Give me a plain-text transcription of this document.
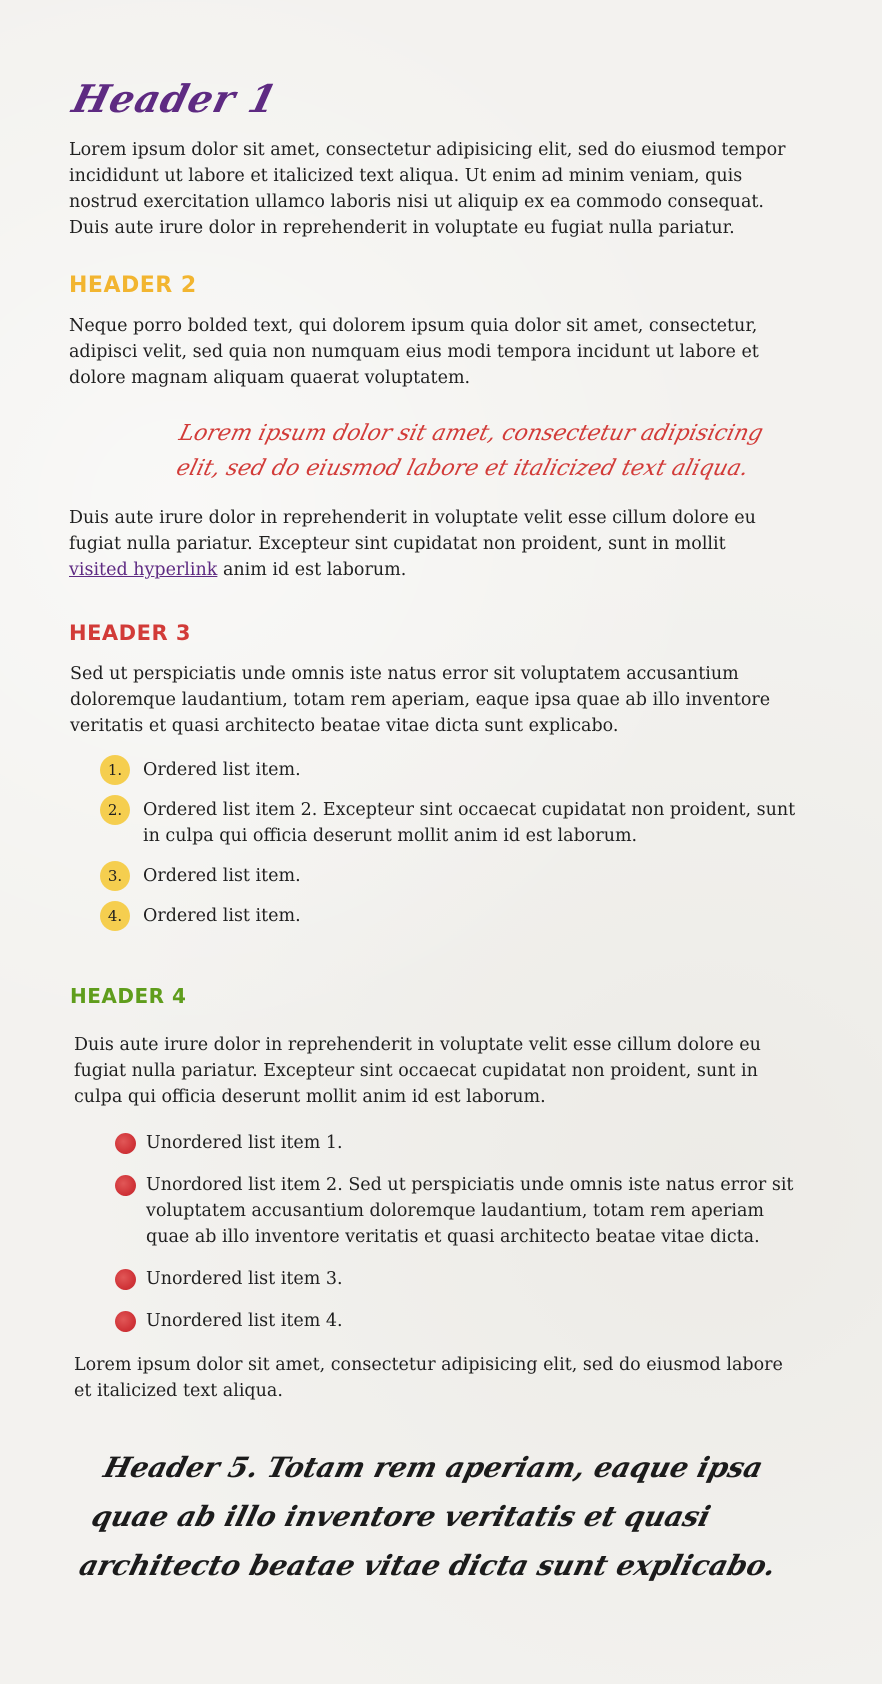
Header 1

Lorem ipsum dolor sit amet, consectetur adipisicing elit, sed do eiusmod tempor incididunt ut labore et italicized text aliqua. Ut enim ad minim veniam, quis nostrud exercitation ullamco laboris nisi ut aliquip ex ea commodo consequat. Duis aute irure dolor in reprehenderit in voluptate eu fugiat nulla pariatur.

HEADER 2

Neque porro bolded text, qui dolorem ipsum quia dolor sit amet, consectetur, adipisci velit, sed quia non numquam eius modi tempora incidunt ut labore et dolore magnam aliquam quaerat voluptatem.

Lorem ipsum dolor sit amet, consectetur adipisicing elit, sed do eiusmod labore et italicized text aliqua.

Duis aute irure dolor in reprehenderit in voluptate velit esse cillum dolore eu fugiat nulla pariatur. Excepteur sint cupidatat non proident, sunt in mollit visited hyperlink anim id est laborum.

HEADER 3

Sed ut perspiciatis unde omnis iste natus error sit voluptatem accusantium doloremque laudantium, totam rem aperiam, eaque ipsa quae ab illo inventore veritatis et quasi architecto beatae vitae dicta sunt explicabo.

1.	Ordered list item.
2.	Ordered list item 2. Excepteur sint occaecat cupidatat non proident, sunt in culpa qui officia deserunt mollit anim id est laborum.
3.	Ordered list item.
4.	Ordered list item.
HEADER 4

Duis aute irure dolor in reprehenderit in voluptate velit esse cillum dolore eu fugiat nulla pariatur. Excepteur sint occaecat cupidatat non proident, sunt in culpa qui officia deserunt mollit anim id est laborum.

Unordered list item 1.
Unordored list item 2. Sed ut perspiciatis unde omnis iste natus error sit voluptatem accusantium doloremque laudantium, totam rem aperiam quae ab illo inventore veritatis et quasi architecto beatae vitae dicta.
Unordered list item 3.
Unordered list item 4.

Lorem ipsum dolor sit amet, consectetur adipisicing elit, sed do eiusmod labore et italicized text aliqua.

Header 5. Totam rem aperiam, eaque ipsa quae ab illo inventore veritatis et quasi architecto beatae vitae dicta sunt explicabo.
